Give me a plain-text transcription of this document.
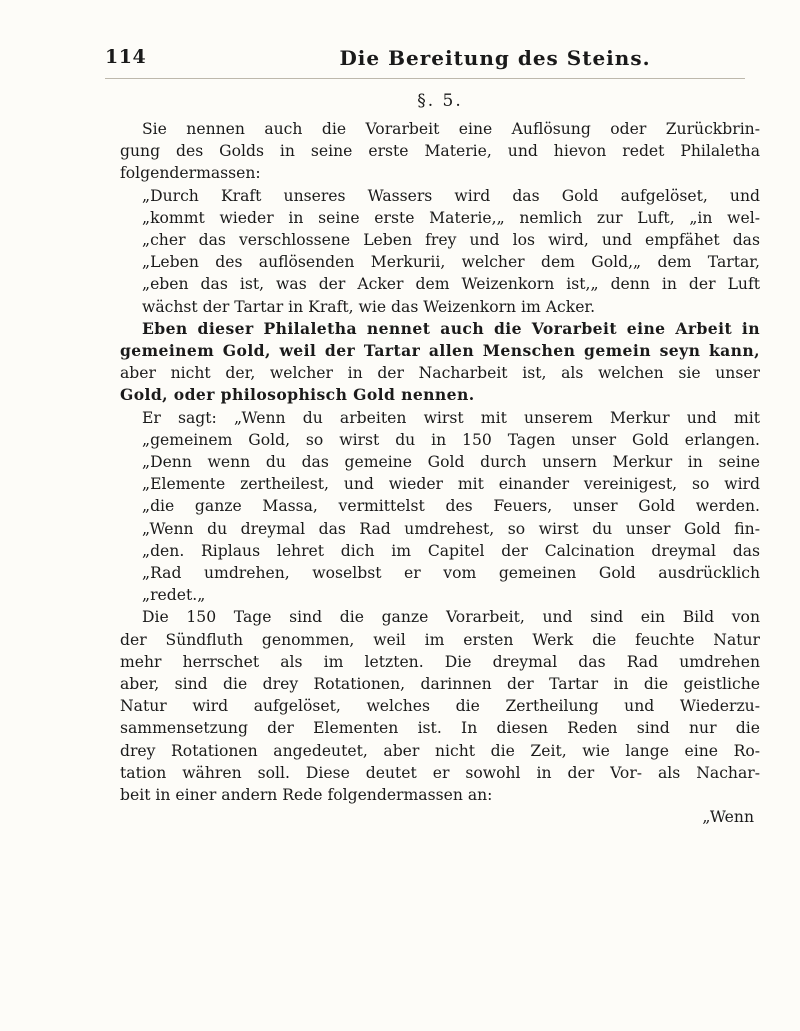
114	Die Bereitung des Steins.
§. 5.
Sie nennen auch die Vorarbeit eine Auflösung oder Zurückbrin-
gung des Golds in seine erste Materie, und hievon redet Philaletha
folgendermassen:
„Durch Kraft unseres Wassers wird das Gold aufgelöset, und
„kommt wieder in seine erste Materie,„ nemlich zur Luft, „in wel-
„cher das verschlossene Leben frey und los wird, und empfähet das
„Leben des auflösenden Merkurii, welcher dem Gold,„ dem Tartar,
„eben das ist, was der Acker dem Weizenkorn ist,„ denn in der Luft
wächst der Tartar in Kraft, wie das Weizenkorn im Acker.
Eben dieser Philaletha nennet auch die Vorarbeit eine Arbeit in
gemeinem Gold, weil der Tartar allen Menschen gemein seyn kann,
aber nicht der, welcher in der Nacharbeit ist, als welchen sie unser
Gold, oder philosophisch Gold nennen.
Er sagt: „Wenn du arbeiten wirst mit unserem Merkur und mit
„gemeinem Gold, so wirst du in 150 Tagen unser Gold erlangen.
„Denn wenn du das gemeine Gold durch unsern Merkur in seine
„Elemente zertheilest, und wieder mit einander vereinigest, so wird
„die ganze Massa, vermittelst des Feuers, unser Gold werden.
„Wenn du dreymal das Rad umdrehest, so wirst du unser Gold fin-
„den. Riplaus lehret dich im Capitel der Calcination dreymal das
„Rad umdrehen, woselbst er vom gemeinen Gold ausdrücklich
„redet.„
Die 150 Tage sind die ganze Vorarbeit, und sind ein Bild von
der Sündfluth genommen, weil im ersten Werk die feuchte Natur
mehr herrschet als im letzten. Die dreymal das Rad umdrehen
aber, sind die drey Rotationen, darinnen der Tartar in die geistliche
Natur wird aufgelöset, welches die Zertheilung und Wiederzu-
sammensetzung der Elementen ist. In diesen Reden sind nur die
drey Rotationen angedeutet, aber nicht die Zeit, wie lange eine Ro-
tation währen soll. Diese deutet er sowohl in der Vor- als Nachar-
beit in einer andern Rede folgendermassen an:
„Wenn
